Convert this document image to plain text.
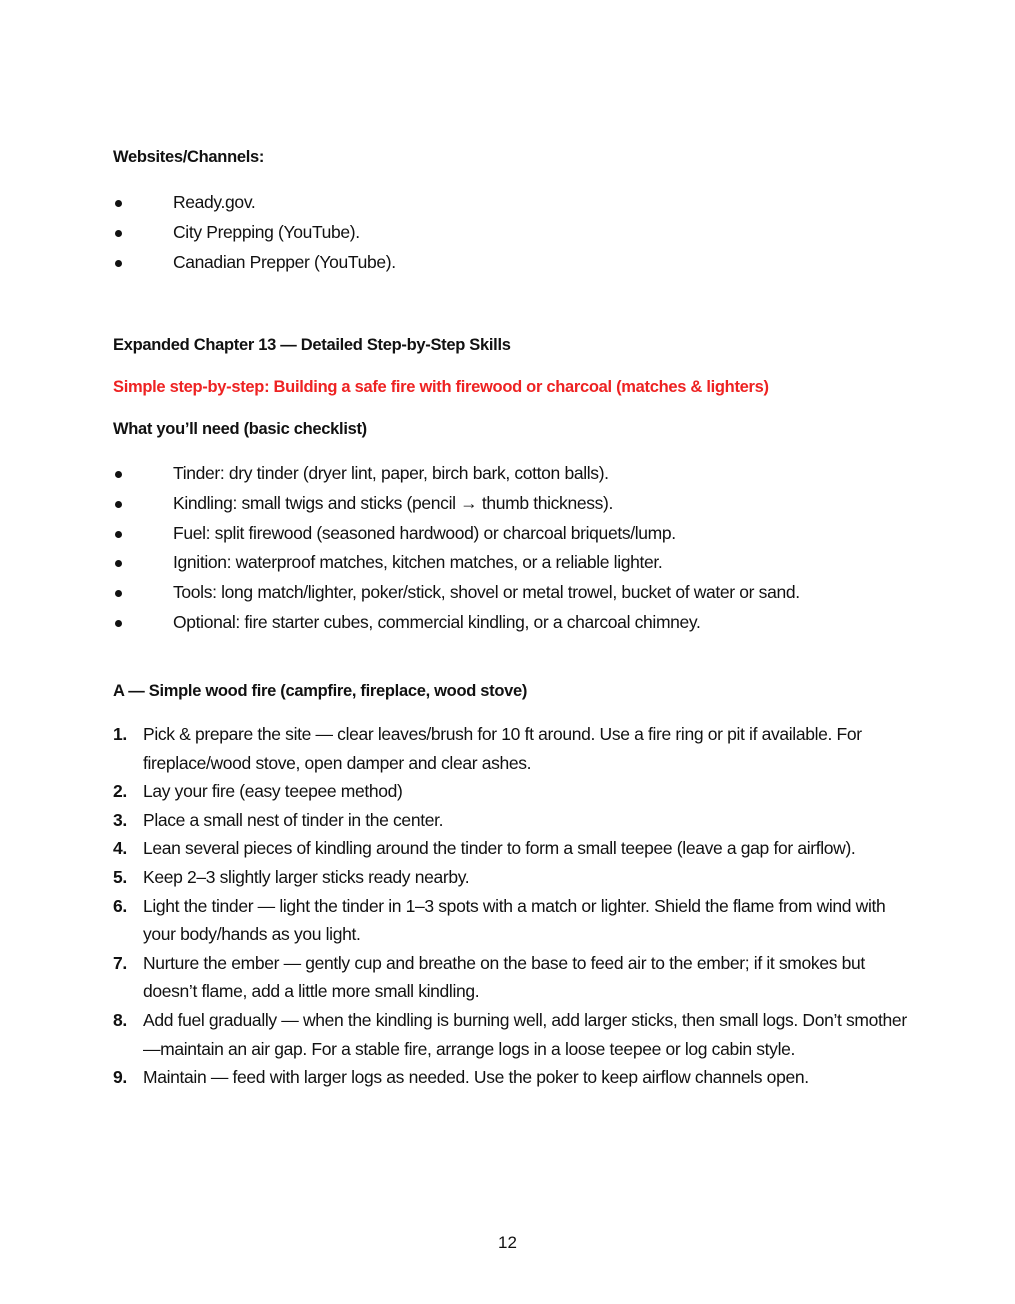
Websites/Channels:
Ready.gov.
City Prepping (YouTube).
Canadian Prepper (YouTube).
Expanded Chapter 13 — Detailed Step-by-Step Skills
Simple step-by-step: Building a safe fire with firewood or charcoal (matches & lighters)
What you’ll need (basic checklist)
Tinder: dry tinder (dryer lint, paper, birch bark, cotton balls).
Kindling: small twigs and sticks (pencil → thumb thickness).
Fuel: split firewood (seasoned hardwood) or charcoal briquets/lump.
Ignition: waterproof matches, kitchen matches, or a reliable lighter.
Tools: long match/lighter, poker/stick, shovel or metal trowel, bucket of water or sand.
Optional: fire starter cubes, commercial kindling, or a charcoal chimney.
A — Simple wood fire (campfire, fireplace, wood stove)
1. Pick & prepare the site — clear leaves/brush for 10 ft around. Use a fire ring or pit if available. For fireplace/wood stove, open damper and clear ashes.
2. Lay your fire (easy teepee method)
3. Place a small nest of tinder in the center.
4. Lean several pieces of kindling around the tinder to form a small teepee (leave a gap for airflow).
5. Keep 2–3 slightly larger sticks ready nearby.
6. Light the tinder — light the tinder in 1–3 spots with a match or lighter. Shield the flame from wind with your body/hands as you light.
7. Nurture the ember — gently cup and breathe on the base to feed air to the ember; if it smokes but doesn’t flame, add a little more small kindling.
8. Add fuel gradually — when the kindling is burning well, add larger sticks, then small logs. Don’t smother—maintain an air gap. For a stable fire, arrange logs in a loose teepee or log cabin style.
9. Maintain — feed with larger logs as needed. Use the poker to keep airflow channels open.
12
